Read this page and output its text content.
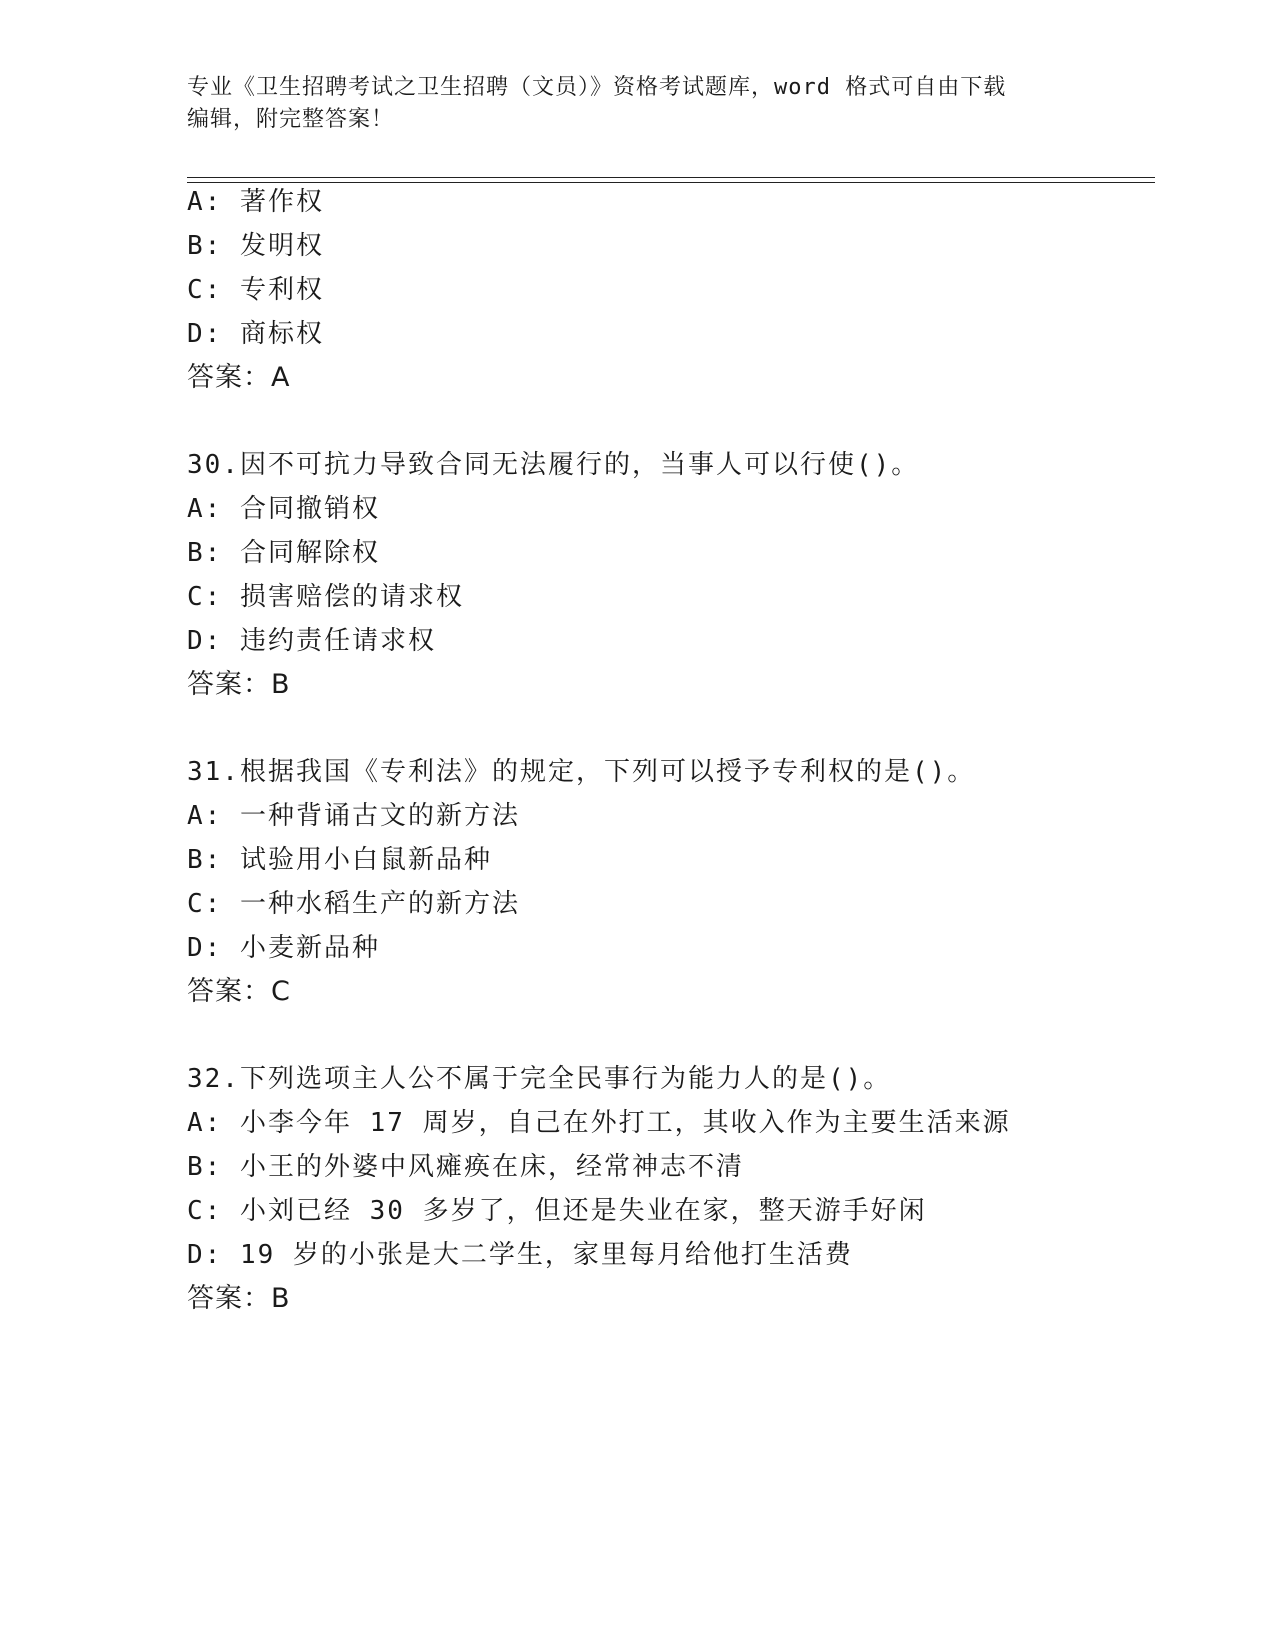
专业《卫生招聘考试之卫生招聘（文员）》资格考试题库，word 格式可自由下载
编辑，附完整答案！
A: 著作权
B: 发明权
C: 专利权
D: 商标权
答案：A
30.因不可抗力导致合同无法履行的，当事人可以行使()。
A: 合同撤销权
B: 合同解除权
C: 损害赔偿的请求权
D: 违约责任请求权
答案：B
31.根据我国《专利法》的规定，下列可以授予专利权的是()。
A: 一种背诵古文的新方法
B: 试验用小白鼠新品种
C: 一种水稻生产的新方法
D: 小麦新品种
答案：C
32.下列选项主人公不属于完全民事行为能力人的是()。
A: 小李今年 17 周岁，自己在外打工，其收入作为主要生活来源
B: 小王的外婆中风瘫痪在床，经常神志不清
C: 小刘已经 30 多岁了，但还是失业在家，整天游手好闲
D: 19 岁的小张是大二学生，家里每月给他打生活费
答案：B
